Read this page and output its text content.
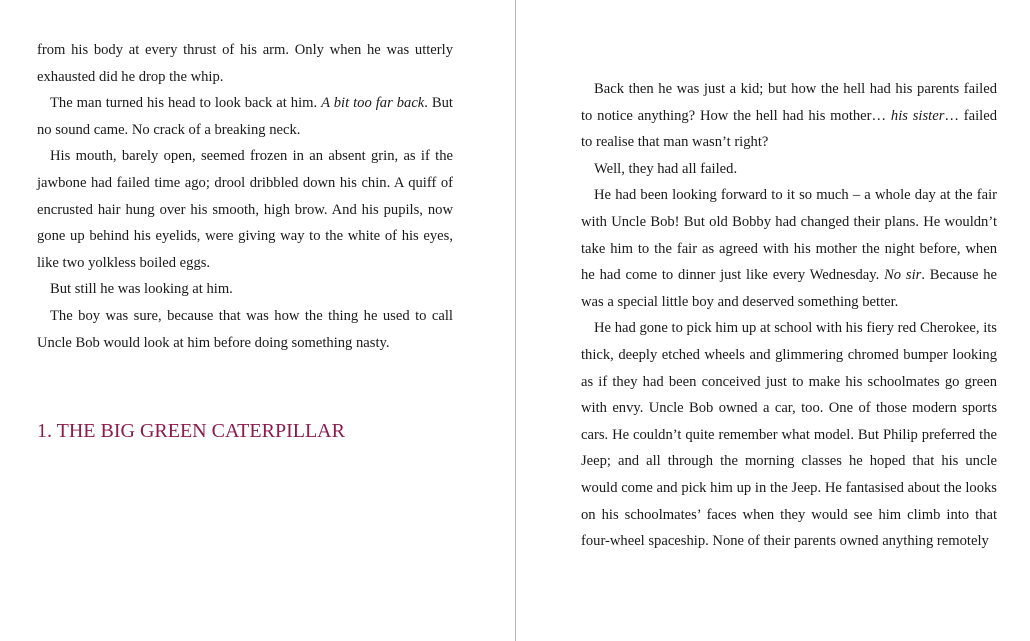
from his body at every thrust of his arm. Only when he was utterly exhausted did he drop the whip.

The man turned his head to look back at him. A bit too far back. But no sound came. No crack of a breaking neck.

His mouth, barely open, seemed frozen in an absent grin, as if the jawbone had failed time ago; drool dribbled down his chin. A quiff of encrusted hair hung over his smooth, high brow. And his pupils, now gone up behind his eyelids, were giving way to the white of his eyes, like two yolkless boiled eggs.

But still he was looking at him.

The boy was sure, because that was how the thing he used to call Uncle Bob would look at him before doing something nasty.

1. THE BIG GREEN CATERPILLAR

Back then he was just a kid; but how the hell had his parents failed to notice anything? How the hell had his mother… his sister… failed to realise that man wasn’t right?

Well, they had all failed.

He had been looking forward to it so much – a whole day at the fair with Uncle Bob! But old Bobby had changed their plans. He wouldn’t take him to the fair as agreed with his mother the night before, when he had come to dinner just like every Wednesday. No sir. Because he was a special little boy and deserved something better.

He had gone to pick him up at school with his fiery red Cherokee, its thick, deeply etched wheels and glimmering chromed bumper looking as if they had been conceived just to make his schoolmates go green with envy. Uncle Bob owned a car, too. One of those modern sports cars. He couldn’t quite remember what model. But Philip preferred the Jeep; and all through the morning classes he hoped that his uncle would come and pick him up in the Jeep. He fantasised about the looks on his schoolmates’ faces when they would see him climb into that four-wheel spaceship. None of their parents owned anything remotely
